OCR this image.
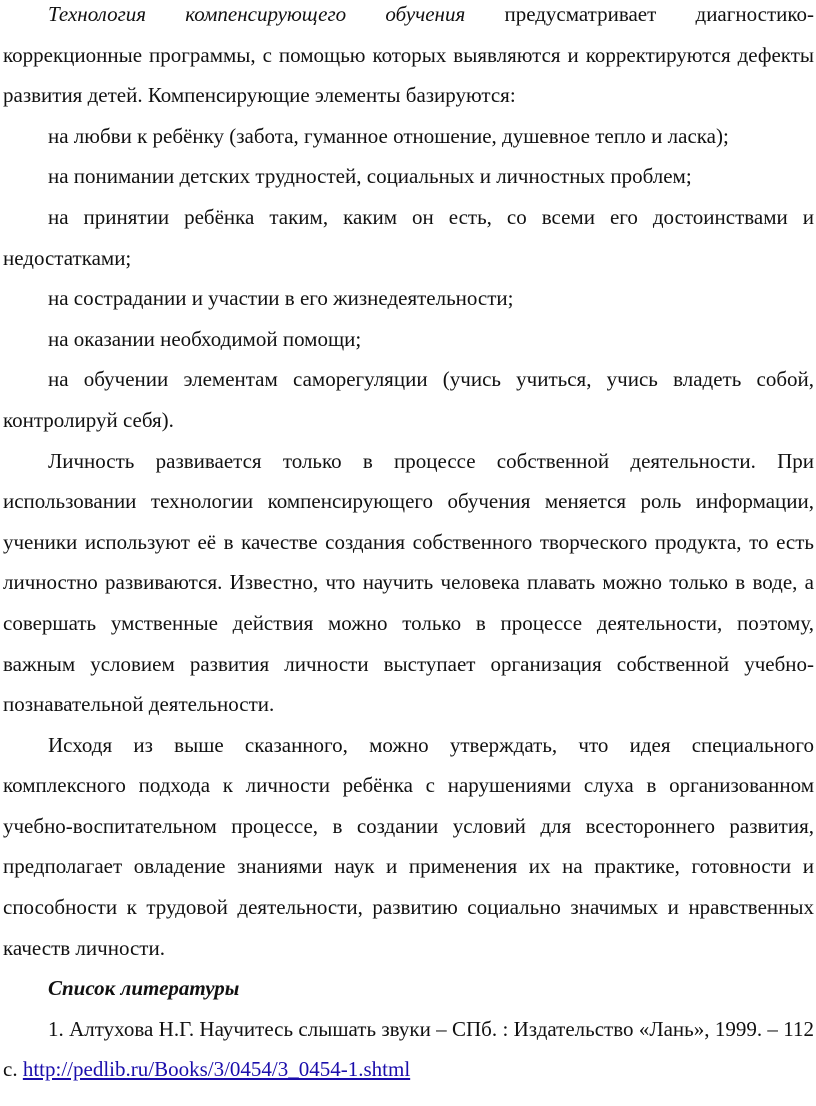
Технология компенсирующего обучения предусматривает диагностико-коррекционные программы, с помощью которых выявляются и корректируются дефекты развития детей. Компенсирующие элементы базируются:

на любви к ребёнку (забота, гуманное отношение, душевное тепло и ласка);

на понимании детских трудностей, социальных и личностных проблем;

на принятии ребёнка таким, каким он есть, со всеми его достоинствами и недостатками;

на сострадании и участии в его жизнедеятельности;

на оказании необходимой помощи;

на обучении элементам саморегуляции (учись учиться, учись владеть собой, контролируй себя).

Личность развивается только в процессе собственной деятельности. При использовании технологии компенсирующего обучения меняется роль информации, ученики используют её в качестве создания собственного творческого продукта, то есть личностно развиваются. Известно, что научить человека плавать можно только в воде, а совершать умственные действия можно только в процессе деятельности, поэтому, важным условием развития личности выступает организация собственной учебно-познавательной деятельности.

Исходя из выше сказанного, можно утверждать, что идея специального комплексного подхода к личности ребёнка с нарушениями слуха в организованном учебно-воспитательном процессе, в создании условий для всестороннего развития, предполагает овладение знаниями наук и применения их на практике, готовности и способности к трудовой деятельности, развитию социально значимых и нравственных качеств личности.

Список литературы

1. Алтухова Н.Г. Научитесь слышать звуки – СПб. : Издательство «Лань», 1999. – 112 с. http://pedlib.ru/Books/3/0454/3_0454-1.shtml
